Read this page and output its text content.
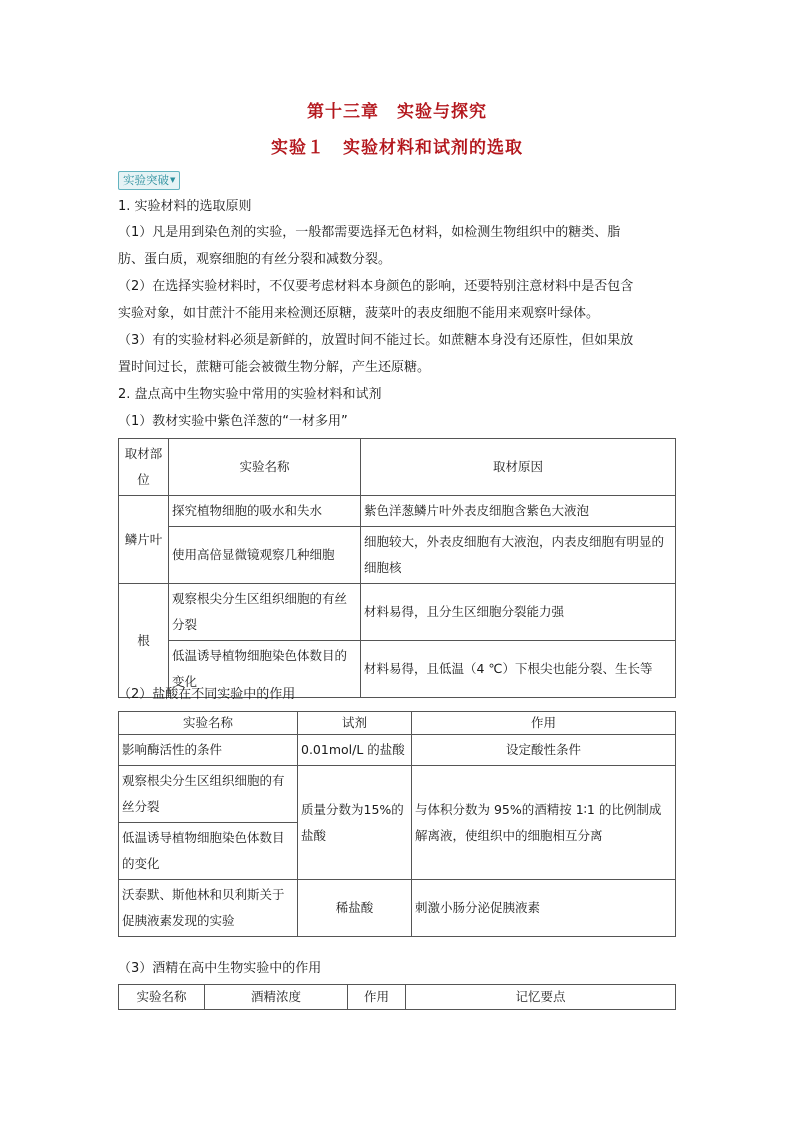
第十三章　实验与探究
实验１　实验材料和试剂的选取
实验突破▼
1. 实验材料的选取原则
（1）凡是用到染色剂的实验，一般都需要选择无色材料，如检测生物组织中的糖类、脂
肪、蛋白质，观察细胞的有丝分裂和减数分裂。
（2）在选择实验材料时，不仅要考虑材料本身颜色的影响，还要特别注意材料中是否包含
实验对象，如甘蔗汁不能用来检测还原糖，菠菜叶的表皮细胞不能用来观察叶绿体。
（3）有的实验材料必须是新鲜的，放置时间不能过长。如蔗糖本身没有还原性，但如果放
置时间过长，蔗糖可能会被微生物分解，产生还原糖。
2. 盘点高中生物实验中常用的实验材料和试剂
（1）教材实验中紫色洋葱的“一材多用”
取材部位	实验名称	取材原因
鳞片叶	探究植物细胞的吸水和失水	紫色洋葱鳞片叶外表皮细胞含紫色大液泡
	使用高倍显微镜观察几种细胞	细胞较大，外表皮细胞有大液泡，内表皮细胞有明显的细胞核
根	观察根尖分生区组织细胞的有丝分裂	材料易得，且分生区细胞分裂能力强
	低温诱导植物细胞染色体数目的变化	材料易得，且低温（4 ℃）下根尖也能分裂、生长等
（2）盐酸在不同实验中的作用
实验名称	试剂	作用
影响酶活性的条件	0.01mol/L 的盐酸	设定酸性条件
观察根尖分生区组织细胞的有丝分裂	质量分数为15%的盐酸	与体积分数为 95%的酒精按 1∶1 的比例制成解离液，使组织中的细胞相互分离
低温诱导植物细胞染色体数目的变化		
沃泰默、斯他林和贝利斯关于促胰液素发现的实验	稀盐酸	刺激小肠分泌促胰液素
（3）酒精在高中生物实验中的作用
实验名称	酒精浓度	作用	记忆要点
